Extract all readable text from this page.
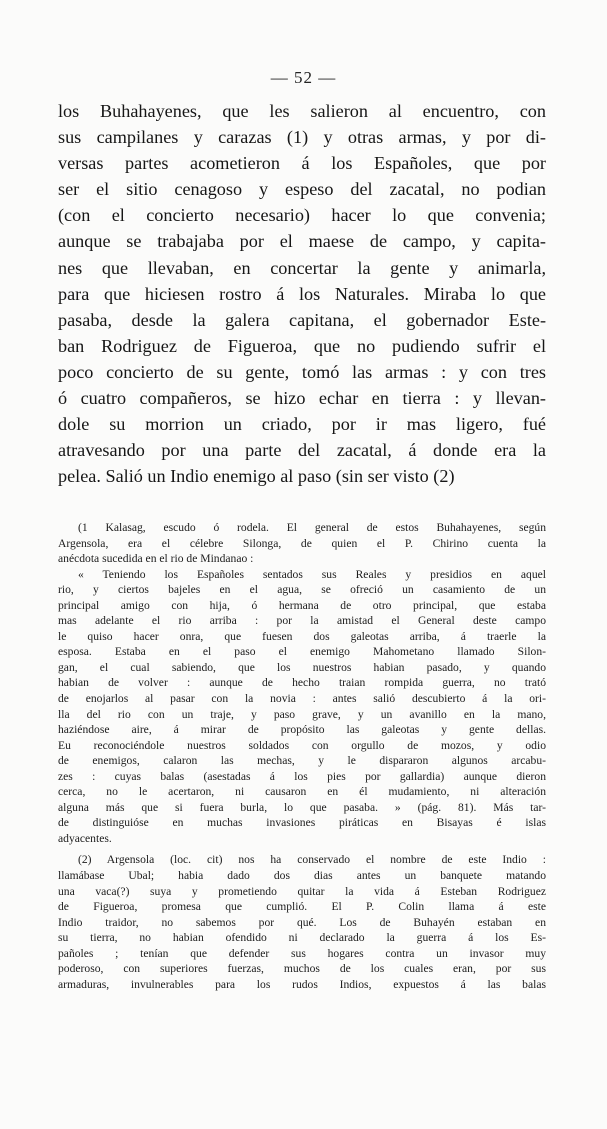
— 52 —
los Buhahayenes, que les salieron al encuentro, con
sus campilanes y carazas (1) y otras armas, y por di-
versas partes acometieron á los Españoles, que por
ser el sitio cenagoso y espeso del zacatal, no podian
(con el concierto necesario) hacer lo que convenia;
aunque se trabajaba por el maese de campo, y capita-
nes que llevaban, en concertar la gente y animarla,
para que hiciesen rostro á los Naturales. Miraba lo que
pasaba, desde la galera capitana, el gobernador Este-
ban Rodriguez de Figueroa, que no pudiendo sufrir el
poco concierto de su gente, tomó las armas : y con tres
ó cuatro compañeros, se hizo echar en tierra : y llevan-
dole su morrion un criado, por ir mas ligero, fué
atravesando por una parte del zacatal, á donde era la
pelea. Salió un Indio enemigo al paso (sin ser visto (2)
(1 Kalasag, escudo ó rodela. El general de estos Buhahayenes, según
Argensola, era el célebre Silonga, de quien el P. Chirino cuenta la
anécdota sucedida en el rio de Mindanao :
« Teniendo los Españoles sentados sus Reales y presidios en aquel
rio, y ciertos bajeles en el agua, se ofreció un casamiento de un
principal amigo con hija, ó hermana de otro principal, que estaba
mas adelante el rio arriba : por la amistad el General deste campo
le quiso hacer onra, que fuesen dos galeotas arriba, á traerle la
esposa. Estaba en el paso el enemigo Mahometano llamado Silon-
gan, el cual sabiendo, que los nuestros habian pasado, y quando
habian de volver : aunque de hecho traian rompida guerra, no trató
de enojarlos al pasar con la novia : antes salió descubierto á la ori-
lla del rio con un traje, y paso grave, y un avanillo en la mano,
haziéndose aire, á mirar de propósito las galeotas y gente dellas.
Eu reconociéndole nuestros soldados con orgullo de mozos, y odio
de enemigos, calaron las mechas, y le dispararon algunos arcabu-
zes : cuyas balas (asestadas á los pies por gallardia) aunque dieron
cerca, no le acertaron, ni causaron en él mudamiento, ni alteración
alguna más que si fuera burla, lo que pasaba. » (pág. 81). Más tar-
de distinguióse en muchas invasiones piráticas en Bisayas é islas
adyacentes.
(2) Argensola (loc. cit) nos ha conservado el nombre de este Indio :
llamábase Ubal; habia dado dos dias antes un banquete matando
una vaca(?) suya y prometiendo quitar la vida á Esteban Rodriguez
de Figueroa, promesa que cumplió. El P. Colin llama á este
Indio traidor, no sabemos por qué. Los de Buhayén estaban en
su tierra, no habian ofendido ni declarado la guerra á los Es-
pañoles ; tenían que defender sus hogares contra un invasor muy
poderoso, con superiores fuerzas, muchos de los cuales eran, por sus
armaduras, invulnerables para los rudos Indios, expuestos á las balas
